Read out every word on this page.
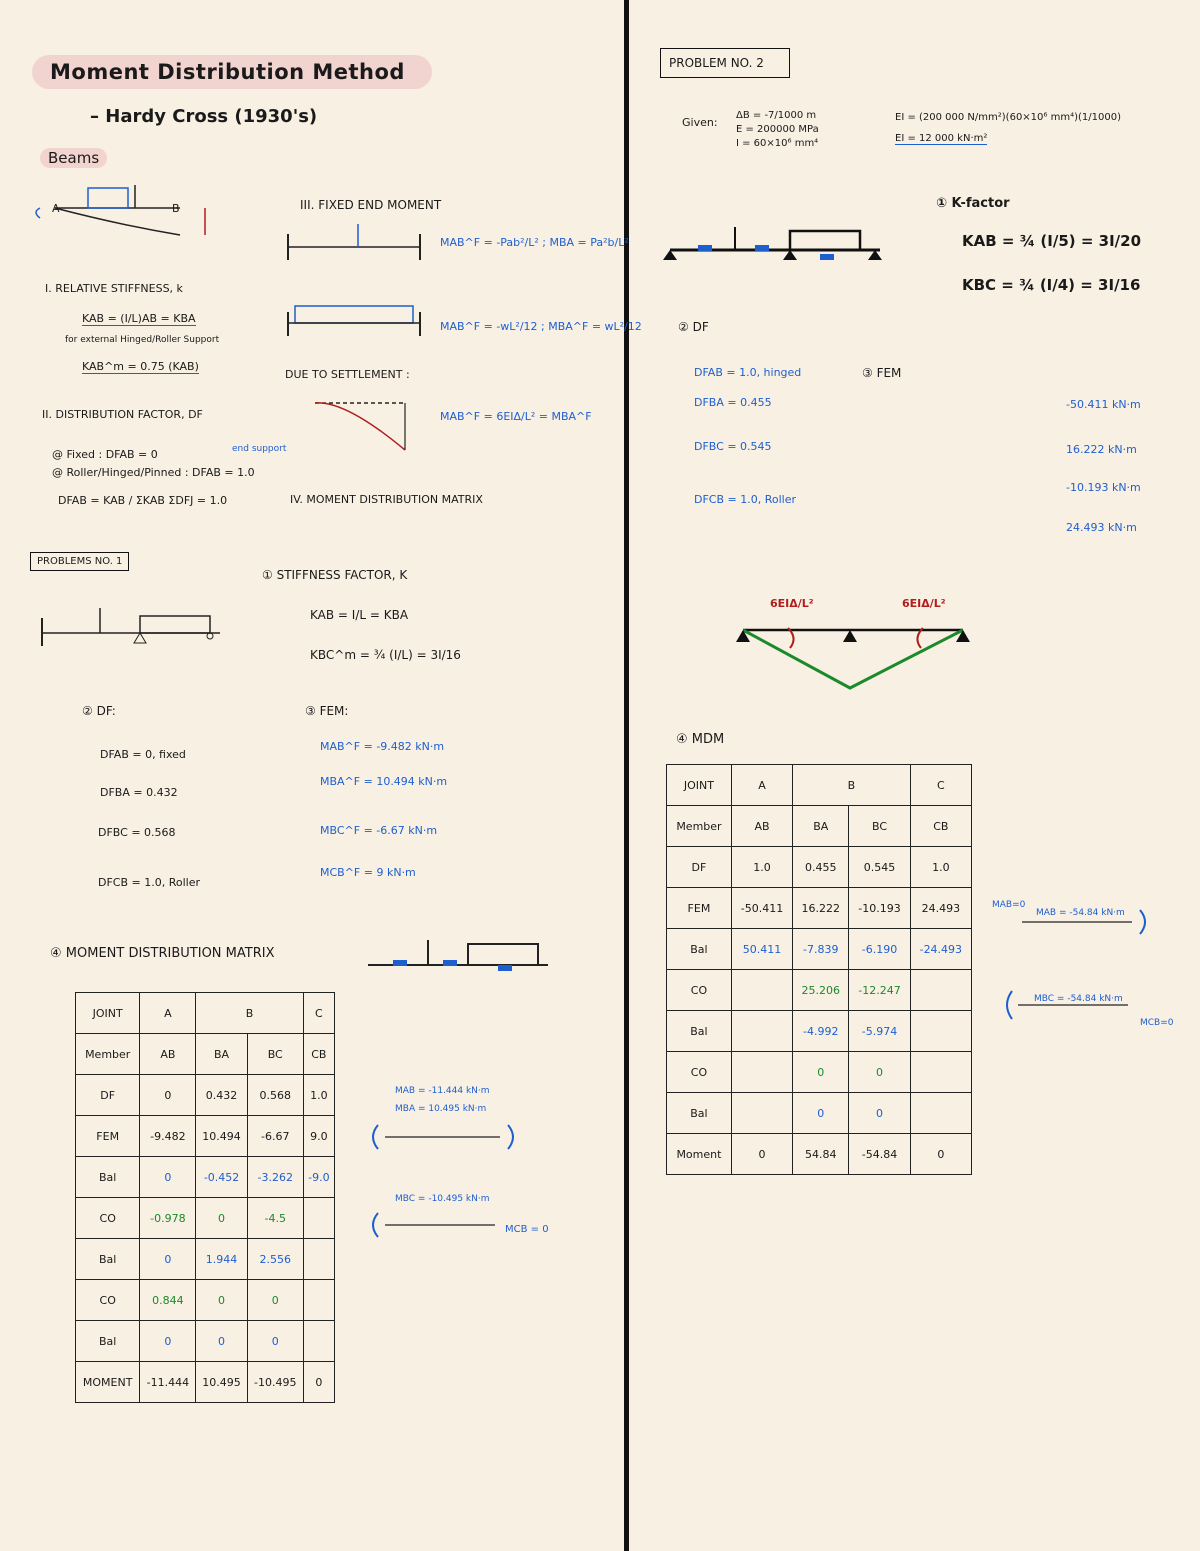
Moment Distribution Method
– Hardy Cross (1930's)
Beams
A	B	III. FIXED END MOMENT
MAB^F = -Pab²/L² ; MBA = Pa²b/L²
MAB^F = -wL²/12 ; MBA^F = wL²/12
I. RELATIVE STIFFNESS, k
KAB = (I/L)AB = KBA
for external Hinged/Roller Support
KAB^m = 0.75 (KAB)
DUE TO SETTLEMENT :
MAB^F = 6EIΔ/L² = MBA^F
II. DISTRIBUTION FACTOR, DF
@ Fixed : DFAB = 0	end support
@ Roller/Hinged/Pinned : DFAB = 1.0
DFAB = KAB / ΣKAB ΣDFJ = 1.0	IV. MOMENT DISTRIBUTION MATRIX
PROBLEMS NO. 1
① STIFFNESS FACTOR, K
KAB = I/L = KBA
KBC^m = ¾ (I/L) = 3I/16
② DF:
DFAB = 0, fixed
DFBA = 0.432
DFBC = 0.568
DFCB = 1.0, Roller
③ FEM:
MAB^F = -9.482 kN·m
MBA^F = 10.494 kN·m
MBC^F = -6.67 kN·m
MCB^F = 9 kN·m
④ MOMENT DISTRIBUTION MATRIX
JOINT	A	B		C
Member	AB	BA	BC	CB
DF	0	0.432	0.568	1.0
FEM	-9.482	10.494	-6.67	9.0
Bal	0	-0.452	-3.262	-9.0
CO	-0.978	0	-4.5	
Bal	0	1.944	2.556	
CO	0.844	0	0	
Bal	0	0	0	
MOMENT	-11.444	10.495	-10.495	0
MAB = -11.444 kN·m
MBA = 10.495 kN·m
MBC = -10.495 kN·m
MCB = 0
PROBLEM NO. 2
Given:
ΔB = -7/1000 m
E = 200000 MPa
I = 60×10⁶ mm⁴
EI = (200 000 N/mm²)(60×10⁶ mm⁴)(1/1000)
EI = 12 000 kN·m²
① K-factor
KAB = ¾ (I/5) = 3I/20
KBC = ¾ (I/4) = 3I/16
② DF
DFAB = 1.0, hinged
DFBA = 0.455
DFBC = 0.545
DFCB = 1.0, Roller
③ FEM
-50.411 kN·m
16.222 kN·m
-10.193 kN·m
24.493 kN·m
6EIΔ/L²	6EIΔ/L²
④ MDM
JOINT	A	B		C
Member	AB	BA	BC	CB
DF	1.0	0.455	0.545	1.0
FEM	-50.411	16.222	-10.193	24.493
Bal	50.411	-7.839	-6.190	-24.493
CO		25.206	-12.247	
Bal		-4.992	-5.974	
CO		0	0	
Bal		0	0	
Moment	0	54.84	-54.84	0
MAB=0
MAB = -54.84 kN·m
MBC = -54.84 kN·m
MCB=0
